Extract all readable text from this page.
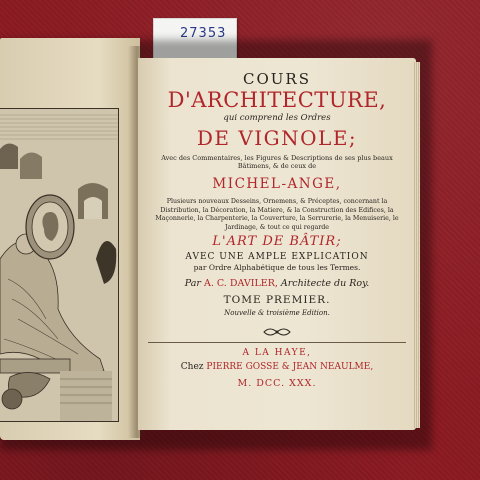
27353
COURS
D'ARCHITECTURE,
qui comprend les Ordres
DE VIGNOLE;
Avec des Commentaires, les Figures & Descriptions de ses plus beaux Bâtimens, & de ceux de
MICHEL-ANGE,
Plusieurs nouveaux Desseins, Ornemens, & Préceptes, concernant la Distribution, la Décoration, la Matiere, & la Construction des Edifices, la Maçonnerie, la Charpenterie, la Couverture, la Serrurerie, la Menuiserie, le Jardinage, & tout ce qui regarde
L'ART DE BÂTIR;
AVEC UNE AMPLE EXPLICATION
par Ordre Alphabétique de tous les Termes.
Par A. C. DAVILER, Architecte du Roy.
TOME PREMIER.
Nouvelle & troisième Edition.
A LA HAYE,
Chez PIERRE GOSSE & JEAN NEAULME,
M. DCC. XXX.
